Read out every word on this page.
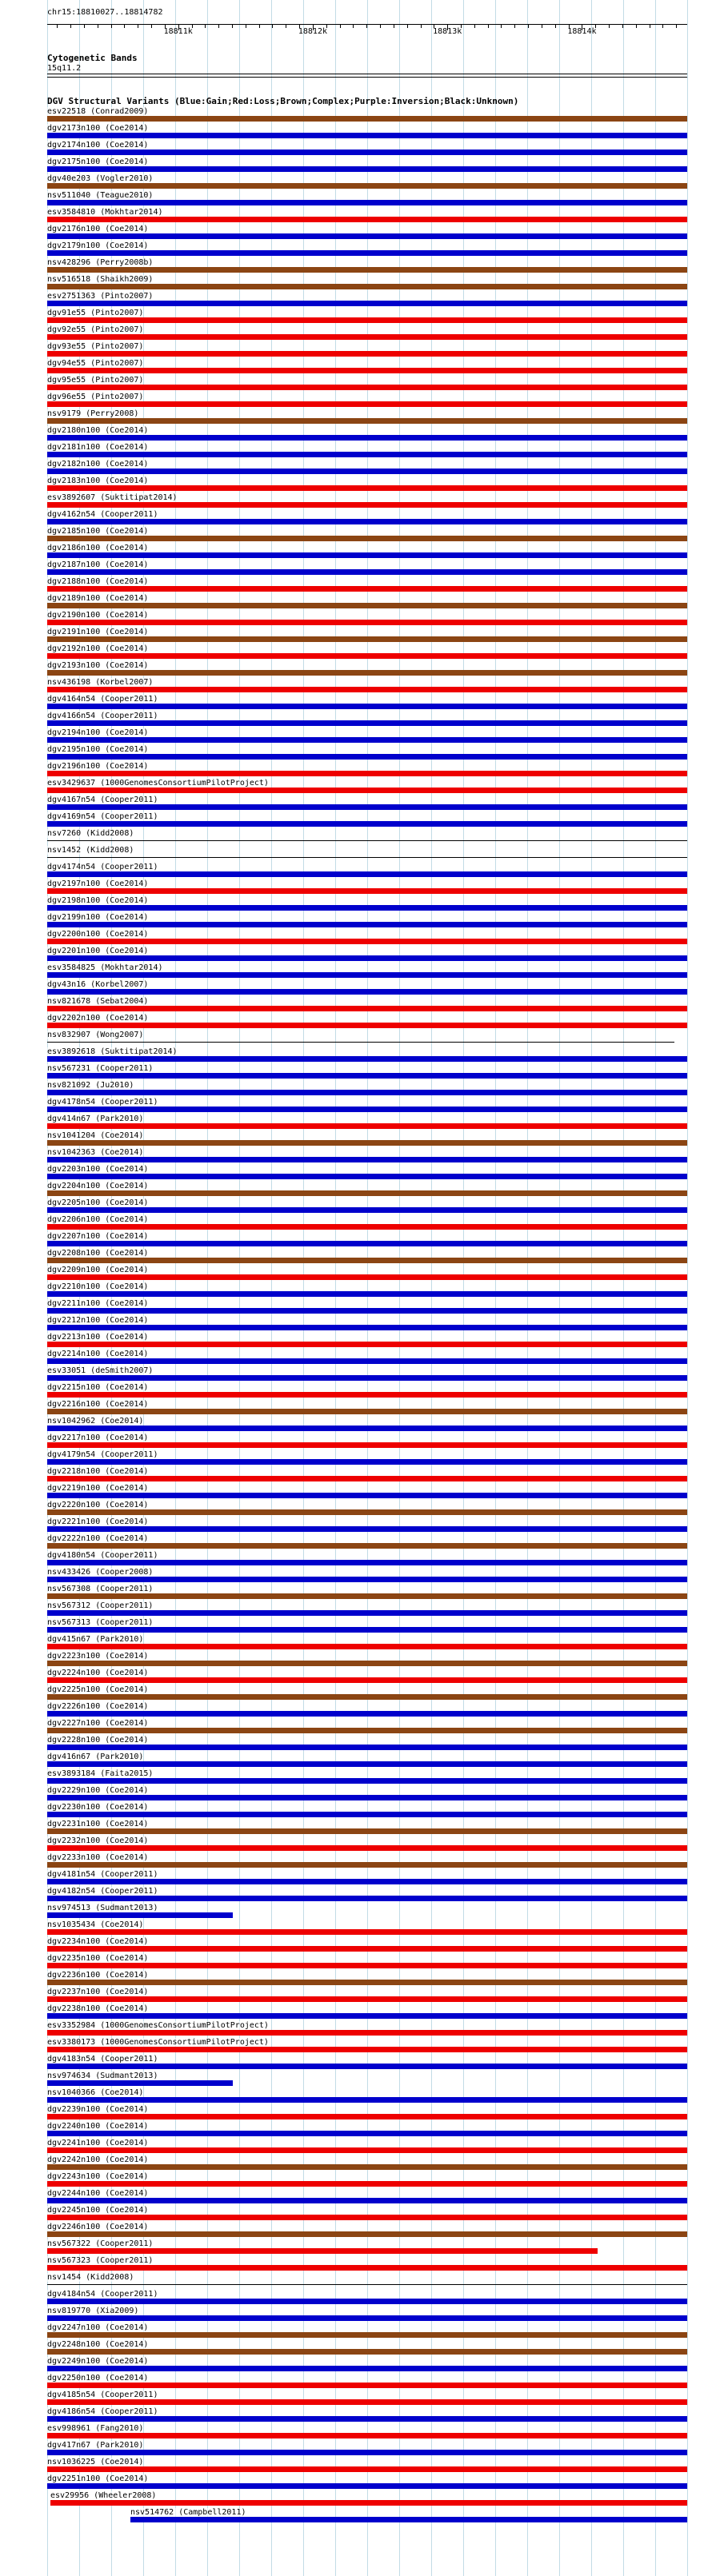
chr15:18810027..18814782
18811k	18812k	18813k	18814k
Cytogenetic Bands
15q11.2
DGV Structural Variants (Blue:Gain;Red:Loss;Brown;Complex;Purple:Inversion;Black:Unknown)
esv22518 (Conrad2009)
dgv2173n100 (Coe2014)
dgv2174n100 (Coe2014)
dgv2175n100 (Coe2014)
dgv40e203 (Vogler2010)
nsv511040 (Teague2010)
esv3584810 (Mokhtar2014)
dgv2176n100 (Coe2014)
dgv2179n100 (Coe2014)
nsv428296 (Perry2008b)
nsv516518 (Shaikh2009)
esv2751363 (Pinto2007)
dgv91e55 (Pinto2007)
dgv92e55 (Pinto2007)
dgv93e55 (Pinto2007)
dgv94e55 (Pinto2007)
dgv95e55 (Pinto2007)
dgv96e55 (Pinto2007)
nsv9179 (Perry2008)
dgv2180n100 (Coe2014)
dgv2181n100 (Coe2014)
dgv2182n100 (Coe2014)
dgv2183n100 (Coe2014)
esv3892607 (Suktitipat2014)
dgv4162n54 (Cooper2011)
dgv2185n100 (Coe2014)
dgv2186n100 (Coe2014)
dgv2187n100 (Coe2014)
dgv2188n100 (Coe2014)
dgv2189n100 (Coe2014)
dgv2190n100 (Coe2014)
dgv2191n100 (Coe2014)
dgv2192n100 (Coe2014)
dgv2193n100 (Coe2014)
nsv436198 (Korbel2007)
dgv4164n54 (Cooper2011)
dgv4166n54 (Cooper2011)
dgv2194n100 (Coe2014)
dgv2195n100 (Coe2014)
dgv2196n100 (Coe2014)
esv3429637 (1000GenomesConsortiumPilotProject)
dgv4167n54 (Cooper2011)
dgv4169n54 (Cooper2011)
nsv7260 (Kidd2008)
nsv1452 (Kidd2008)
dgv4174n54 (Cooper2011)
dgv2197n100 (Coe2014)
dgv2198n100 (Coe2014)
dgv2199n100 (Coe2014)
dgv2200n100 (Coe2014)
dgv2201n100 (Coe2014)
esv3584825 (Mokhtar2014)
dgv43n16 (Korbel2007)
nsv821678 (Sebat2004)
dgv2202n100 (Coe2014)
nsv832907 (Wong2007)
esv3892618 (Suktitipat2014)
nsv567231 (Cooper2011)
nsv821092 (Ju2010)
dgv4178n54 (Cooper2011)
dgv414n67 (Park2010)
nsv1041204 (Coe2014)
nsv1042363 (Coe2014)
dgv2203n100 (Coe2014)
dgv2204n100 (Coe2014)
dgv2205n100 (Coe2014)
dgv2206n100 (Coe2014)
dgv2207n100 (Coe2014)
dgv2208n100 (Coe2014)
dgv2209n100 (Coe2014)
dgv2210n100 (Coe2014)
dgv2211n100 (Coe2014)
dgv2212n100 (Coe2014)
dgv2213n100 (Coe2014)
dgv2214n100 (Coe2014)
esv33051 (deSmith2007)
dgv2215n100 (Coe2014)
dgv2216n100 (Coe2014)
nsv1042962 (Coe2014)
dgv2217n100 (Coe2014)
dgv4179n54 (Cooper2011)
dgv2218n100 (Coe2014)
dgv2219n100 (Coe2014)
dgv2220n100 (Coe2014)
dgv2221n100 (Coe2014)
dgv2222n100 (Coe2014)
dgv4180n54 (Cooper2011)
nsv433426 (Cooper2008)
nsv567308 (Cooper2011)
nsv567312 (Cooper2011)
nsv567313 (Cooper2011)
dgv415n67 (Park2010)
dgv2223n100 (Coe2014)
dgv2224n100 (Coe2014)
dgv2225n100 (Coe2014)
dgv2226n100 (Coe2014)
dgv2227n100 (Coe2014)
dgv2228n100 (Coe2014)
dgv416n67 (Park2010)
esv3893184 (Faita2015)
dgv2229n100 (Coe2014)
dgv2230n100 (Coe2014)
dgv2231n100 (Coe2014)
dgv2232n100 (Coe2014)
dgv2233n100 (Coe2014)
dgv4181n54 (Cooper2011)
dgv4182n54 (Cooper2011)
nsv974513 (Sudmant2013)
nsv1035434 (Coe2014)
dgv2234n100 (Coe2014)
dgv2235n100 (Coe2014)
dgv2236n100 (Coe2014)
dgv2237n100 (Coe2014)
dgv2238n100 (Coe2014)
esv3352984 (1000GenomesConsortiumPilotProject)
esv3380173 (1000GenomesConsortiumPilotProject)
dgv4183n54 (Cooper2011)
nsv974634 (Sudmant2013)
nsv1040366 (Coe2014)
dgv2239n100 (Coe2014)
dgv2240n100 (Coe2014)
dgv2241n100 (Coe2014)
dgv2242n100 (Coe2014)
dgv2243n100 (Coe2014)
dgv2244n100 (Coe2014)
dgv2245n100 (Coe2014)
dgv2246n100 (Coe2014)
nsv567322 (Cooper2011)
nsv567323 (Cooper2011)
nsv1454 (Kidd2008)
dgv4184n54 (Cooper2011)
nsv819770 (Xia2009)
dgv2247n100 (Coe2014)
dgv2248n100 (Coe2014)
dgv2249n100 (Coe2014)
dgv2250n100 (Coe2014)
dgv4185n54 (Cooper2011)
dgv4186n54 (Cooper2011)
esv998961 (Fang2010)
dgv417n67 (Park2010)
nsv1036225 (Coe2014)
dgv2251n100 (Coe2014)
esv29956 (Wheeler2008)
nsv514762 (Campbell2011)
